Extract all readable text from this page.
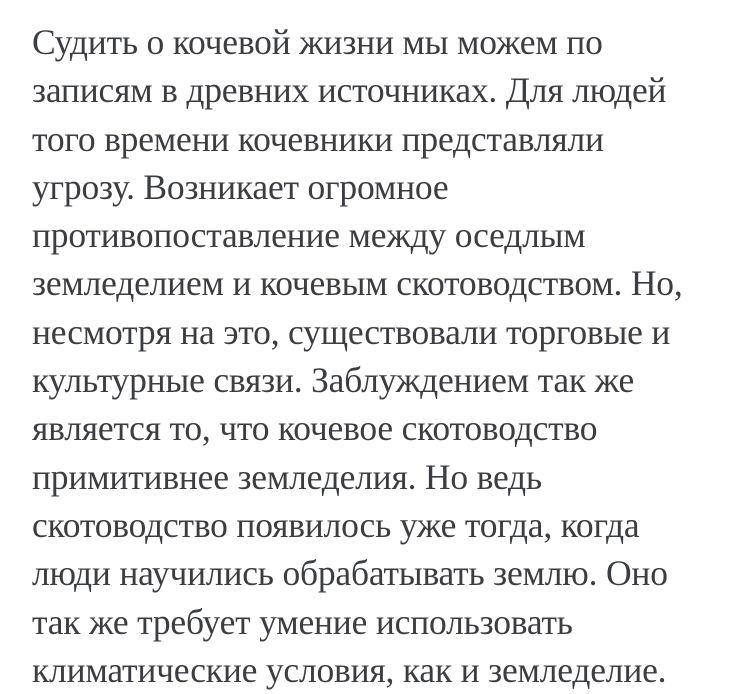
Судить о кочевой жизни мы можем по
записям в древних источниках. Для людей
того времени кочевники представляли
угрозу. Возникает огромное
противопоставление между оседлым
земледелием и кочевым скотоводством. Но,
несмотря на это, существовали торговые и
культурные связи. Заблуждением так же
является то, что кочевое скотоводство
примитивнее земледелия. Но ведь
скотоводство появилось уже тогда, когда
люди научились обрабатывать землю. Оно
так же требует умение использовать
климатические условия, как и земледелие.
